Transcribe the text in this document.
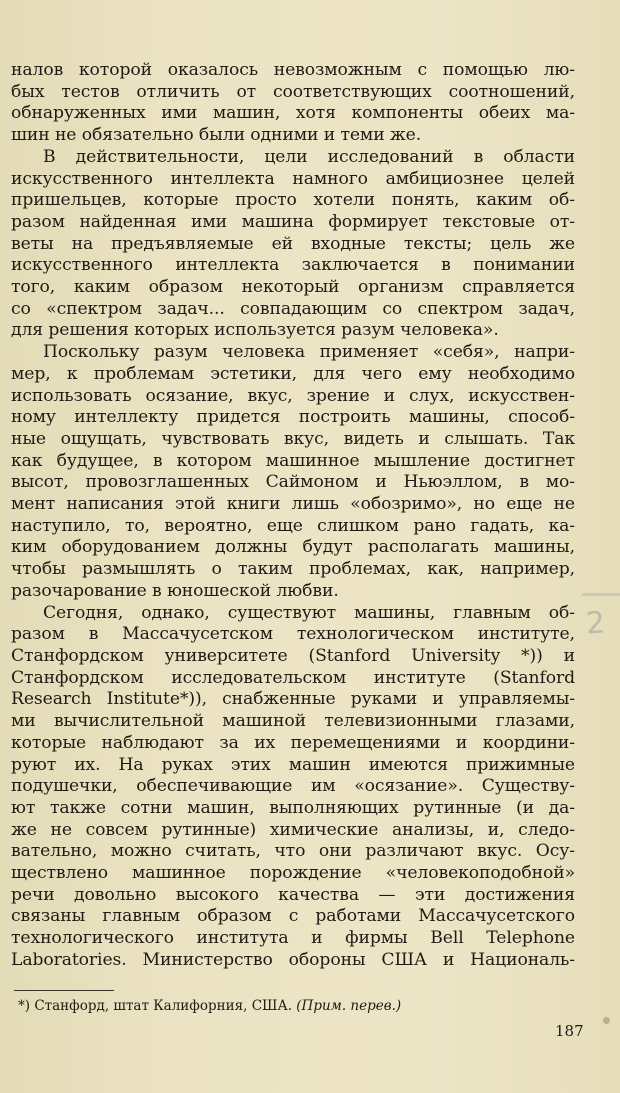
налов которой оказалось невозможным с помощью лю-
бых тестов отличить от соответствующих соотношений,
обнаруженных ими машин, хотя компоненты обеих ма-
шин не обязательно были одними и теми же.
В действительности, цели исследований в области
искусственного интеллекта намного амбициознее целей
пришельцев, которые просто хотели понять, каким об-
разом найденная ими машина формирует текстовые от-
веты на предъявляемые ей входные тексты; цель же
искусственного интеллекта заключается в понимании
того, каким образом некоторый организм справляется
со «спектром задач... совпадающим со спектром задач,
для решения которых используется разум человека».
Поскольку разум человека применяет «себя», напри-
мер, к проблемам эстетики, для чего ему необходимо
использовать осязание, вкус, зрение и слух, искусствен-
ному интеллекту придется построить машины, способ-
ные ощущать, чувствовать вкус, видеть и слышать. Так
как будущее, в котором машинное мышление достигнет
высот, провозглашенных Саймоном и Ньюэллом, в мо-
мент написания этой книги лишь «обозримо», но еще не
наступило, то, вероятно, еще слишком рано гадать, ка-
ким оборудованием должны будут располагать машины,
чтобы размышлять о таким проблемах, как, например,
разочарование в юношеской любви.
Сегодня, однако, существуют машины, главным об-
разом в Массачусетском технологическом институте,
Станфордском университете (Stanford University *)) и
Станфордском исследовательском институте (Stanford
Research Institute*)), снабженные руками и управляемы-
ми вычислительной машиной телевизионными глазами,
которые наблюдают за их перемещениями и координи-
руют их. На руках этих машин имеются прижимные
подушечки, обеспечивающие им «осязание». Существу-
ют также сотни машин, выполняющих рутинные (и да-
же не совсем рутинные) химические анализы, и, следо-
вательно, можно считать, что они различают вкус. Осу-
ществлено машинное порождение «человекоподобной»
речи довольно высокого качества — эти достижения
связаны главным образом с работами Массачусетского
технологического института и фирмы Bell Telephone
Laboratories. Министерство обороны США и Националь-
2
*) Станфорд, штат Калифорния, США. (Прим. перев.)
187
